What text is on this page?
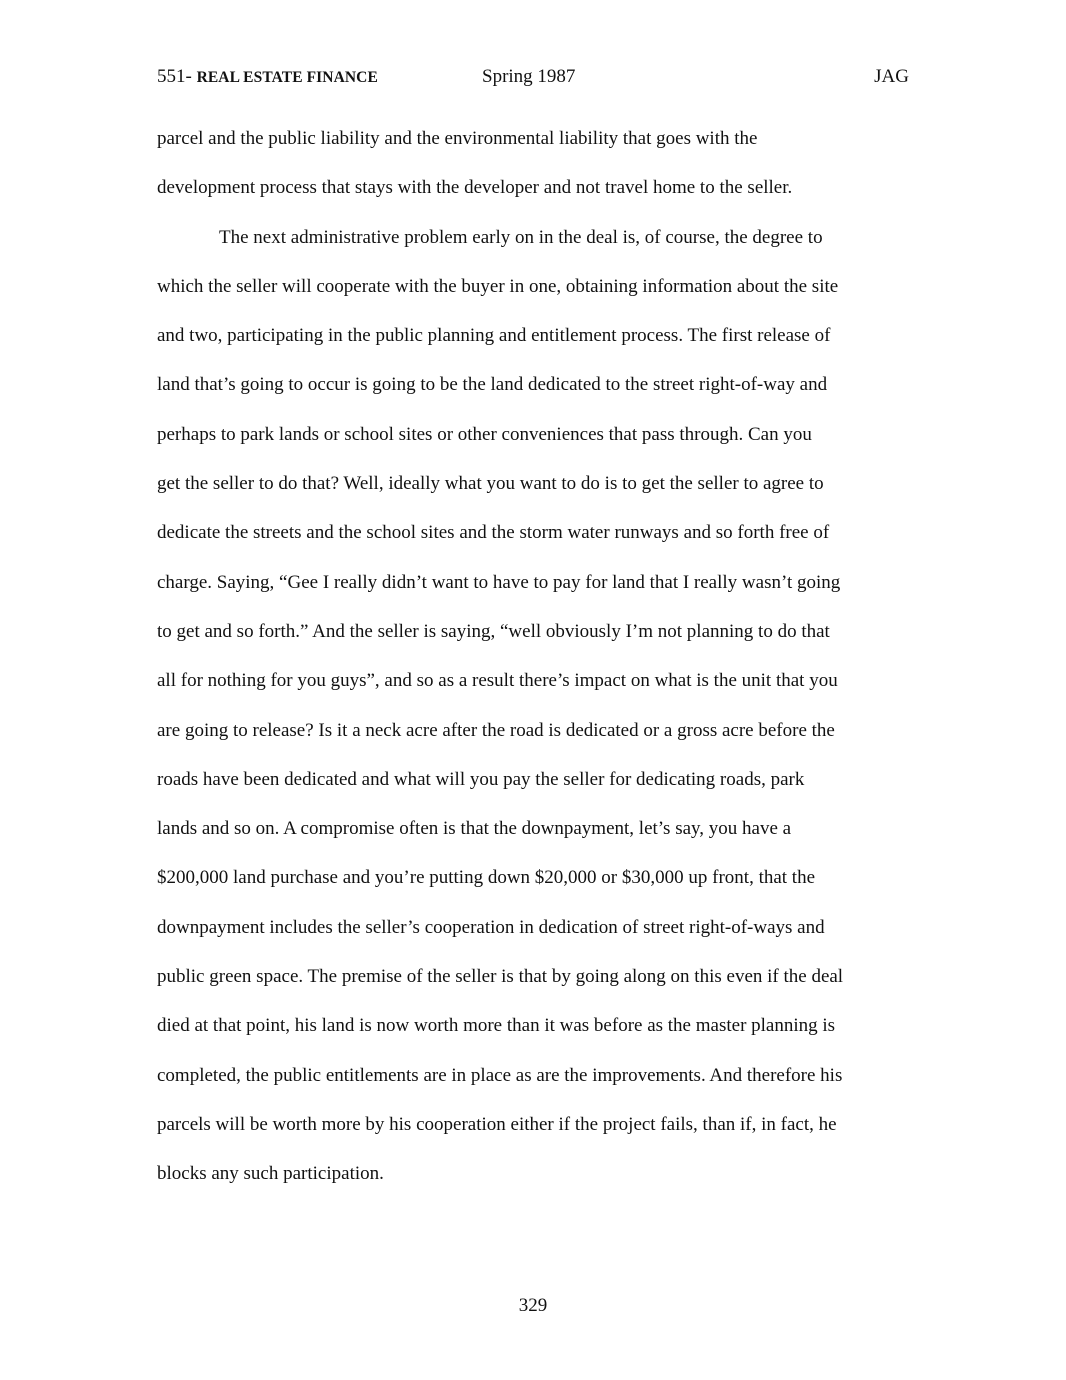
551- REAL ESTATE FINANCE	Spring 1987	JAG
parcel and the public liability and the environmental liability that goes with the
development process that stays with the developer and not travel home to the seller.
The next administrative problem early on in the deal is, of course, the degree to
which the seller will cooperate with the buyer in one, obtaining information about the site
and two, participating in the public planning and entitlement process. The first release of
land that’s going to occur is going to be the land dedicated to the street right-of-way and
perhaps to park lands or school sites or other conveniences that pass through. Can you
get the seller to do that? Well, ideally what you want to do is to get the seller to agree to
dedicate the streets and the school sites and the storm water runways and so forth free of
charge. Saying, “Gee I really didn’t want to have to pay for land that I really wasn’t going
to get and so forth.” And the seller is saying, “well obviously I’m not planning to do that
all for nothing for you guys”, and so as a result there’s impact on what is the unit that you
are going to release? Is it a neck acre after the road is dedicated or a gross acre before the
roads have been dedicated and what will you pay the seller for dedicating roads, park
lands and so on. A compromise often is that the downpayment, let’s say, you have a
$200,000 land purchase and you’re putting down $20,000 or $30,000 up front, that the
downpayment includes the seller’s cooperation in dedication of street right-of-ways and
public green space. The premise of the seller is that by going along on this even if the deal
died at that point, his land is now worth more than it was before as the master planning is
completed, the public entitlements are in place as are the improvements. And therefore his
parcels will be worth more by his cooperation either if the project fails, than if, in fact, he
blocks any such participation.
329
